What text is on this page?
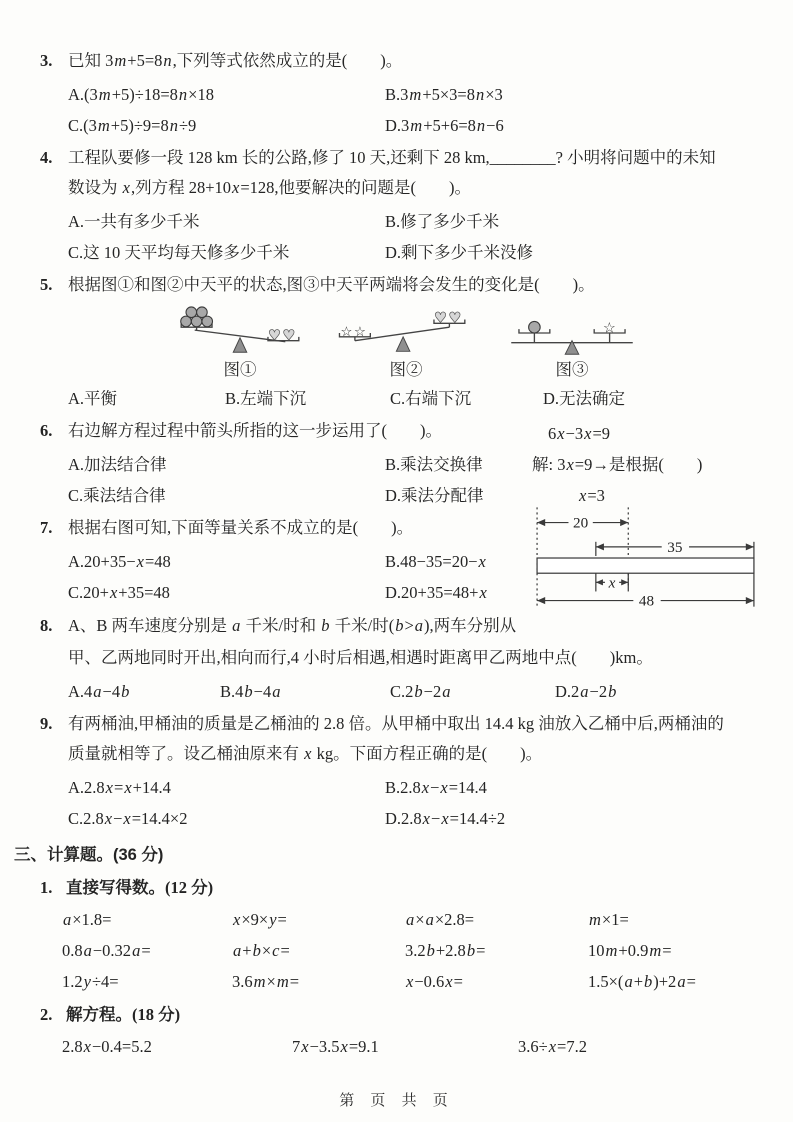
3. 已知 3m+5=8n,下列等式依然成立的是(　　)。
A.(3m+5)÷18=8n×18	B.3m+5×3=8n×3
C.(3m+5)÷9=8n÷9	D.3m+5+6=8n−6
4. 工程队要修一段 128 km 长的公路,修了 10 天,还剩下 28 km,________? 小明将问题中的未知
数设为 x,列方程 28+10x=128,他要解决的问题是(　　)。
A.一共有多少千米	B.修了多少千米
C.这 10 天平均每天修多少千米	D.剩下多少千米没修
5. 根据图①和图②中天平的状态,图③中天平两端将会发生的变化是(　　)。
♥ ♥
图①
☆ ☆
♥ ♥
图②
☆
图③
A.平衡	B.左端下沉	C.右端下沉	D.无法确定
6. 右边解方程过程中箭头所指的这一步运用了(　　)。
A.加法结合律	B.乘法交换律
C.乘法结合律	D.乘法分配律
6x−3x=9
解: 3x=9→是根据(　　)
x=3
7. 根据右图可知,下面等量关系不成立的是(　　)。
A.20+35−x=48	B.48−35=20−x
C.20+x+35=48	D.20+35=48+x
8. A、B 两车速度分别是 a 千米/时和 b 千米/时(b>a),两车分别从
20
35
x
48
甲、乙两地同时开出,相向而行,4 小时后相遇,相遇时距离甲乙两地中点(　　)km。
A.4a−4b	B.4b−4a	C.2b−2a	D.2a−2b
9. 有两桶油,甲桶油的质量是乙桶油的 2.8 倍。从甲桶中取出 14.4 kg 油放入乙桶中后,两桶油的
质量就相等了。设乙桶油原来有 x kg。下面方程正确的是(　　)。
A.2.8x=x+14.4	B.2.8x−x=14.4
C.2.8x−x=14.4×2	D.2.8x−x=14.4÷2
三、计算题。(36 分)
1. 直接写得数。(12 分)
a×1.8=	x×9×y=	a×a×2.8=	m×1=
0.8a−0.32a=	a+b×c=	3.2b+2.8b=	10m+0.9m=
1.2y÷4=	3.6m×m=	x−0.6x=	1.5×(a+b)+2a=
2. 解方程。(18 分)
2.8x−0.4=5.2	7x−3.5x=9.1	3.6÷x=7.2
第 页 共 页
